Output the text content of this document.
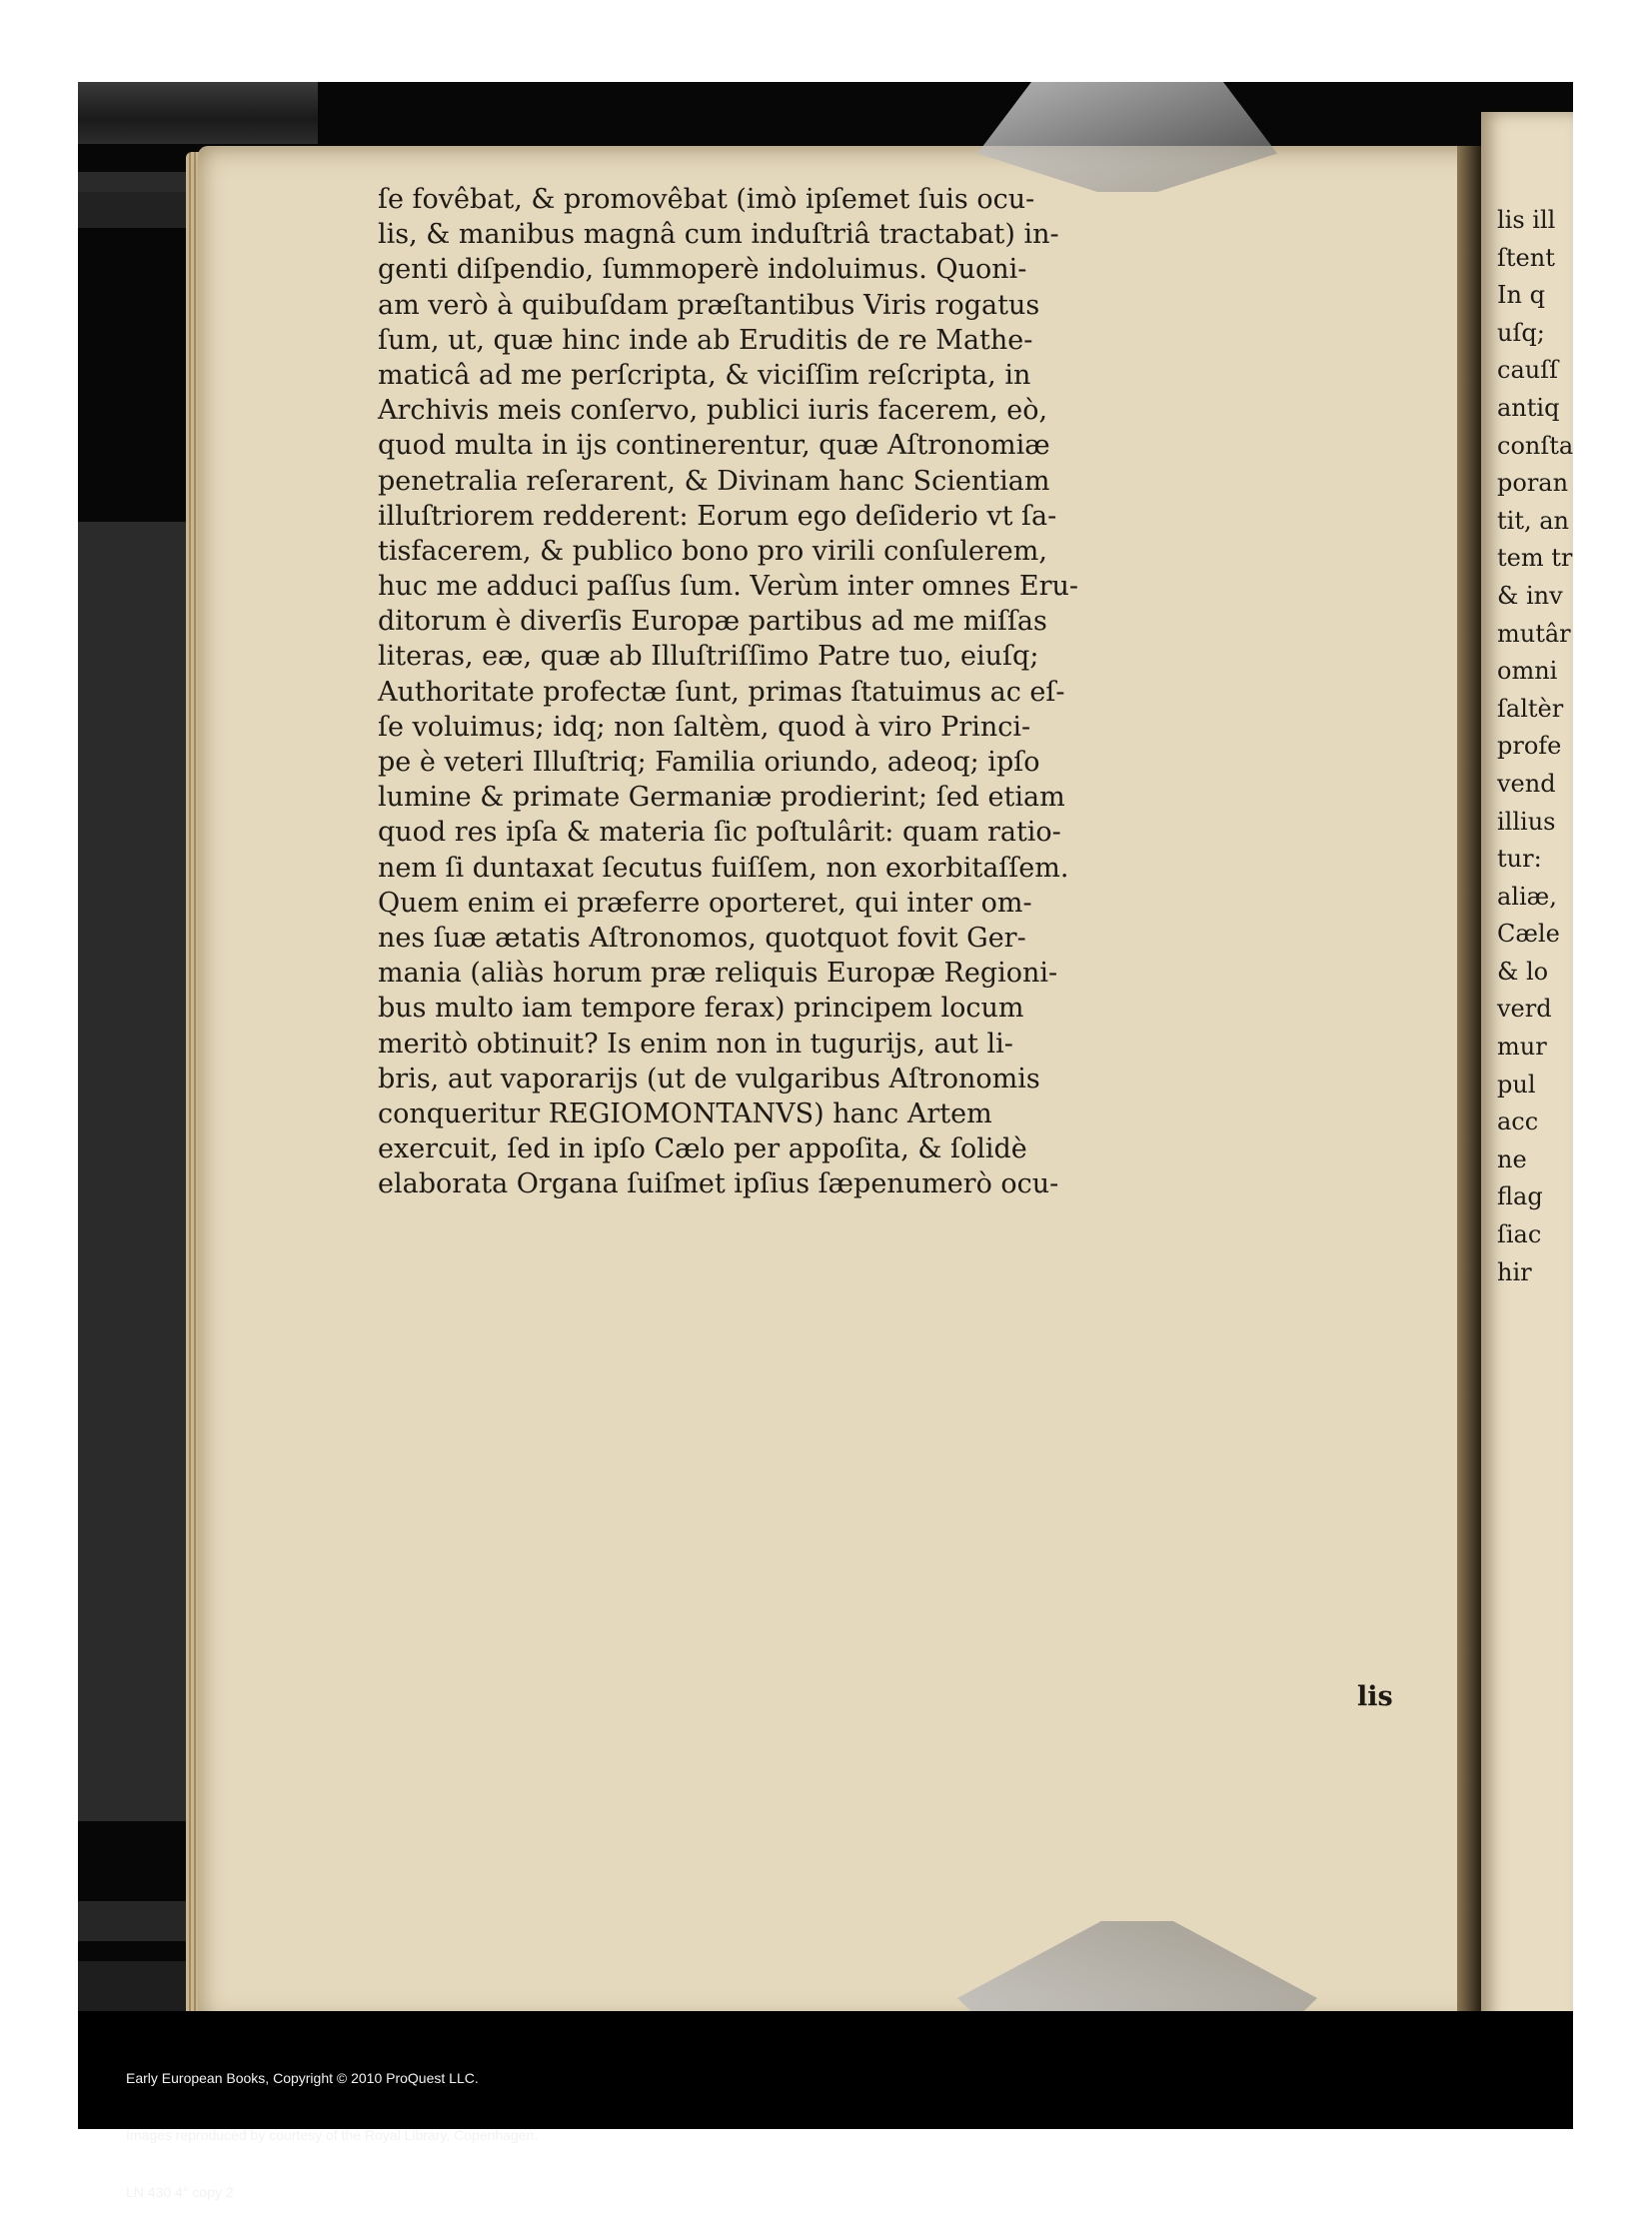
ſe fovêbat, & promovêbat (imò ipſemet ſuis ocu-
lis, & manibus magnâ cum induſtriâ tractabat) in-
genti diſpendio, ſummoperè indoluimus. Quoni-
am verò à quibuſdam præſtantibus Viris rogatus
ſum, ut, quæ hinc inde ab Eruditis de re Mathe-
maticâ ad me perſcripta, & viciſſim reſcripta, in
Archivis meis conſervo, publici iuris facerem, eò,
quod multa in ijs continerentur, quæ Aſtronomiæ
penetralia reſerarent, & Divinam hanc Scientiam
illuſtriorem redderent: Eorum ego deſiderio vt ſa-
tisfacerem, & publico bono pro virili conſulerem,
huc me adduci paſſus ſum. Verùm inter omnes Eru-
ditorum è diverſis Europæ partibus ad me miſſas
literas, eæ, quæ ab Illuſtriſſimo Patre tuo, eiuſq;
Authoritate profectæ ſunt, primas ſtatuimus ac eſ-
ſe voluimus; idq; non ſaltèm, quod à viro Princi-
pe è veteri Illuſtriq; Familia oriundo, adeoq; ipſo
lumine & primate Germaniæ prodierint; ſed etiam
quod res ipſa & materia ſic poſtulârit: quam ratio-
nem ſi duntaxat ſecutus fuiſſem, non exorbitaſſem.
Quem enim ei præferre oporteret, qui inter om-
nes ſuæ ætatis Aſtronomos, quotquot fovit Ger-
mania (aliàs horum præ reliquis Europæ Regioni-
bus multo iam tempore ferax) principem locum
meritò obtinuit? Is enim non in tugurijs, aut li-
bris, aut vaporarijs (ut de vulgaribus Aſtronomis
conqueritur REGIOMONTANVS) hanc Artem
exercuit, ſed in ipſo Cælo per appoſita, & ſolidè
elaborata Organa ſuiſmet ipſius ſæpenumerò ocu-
lis
lis ill
ſtent
In q
uſq;
cauſſ
antiq
conſta
poran
tit, an
tem tr
& inv
mutâr
omni
ſaltèr
profe
vend
illius
tur:
aliæ,
Cæle
& lo
verd
mur
pul
acc
ne
flag
ſiac
hir

Early European Books, Copyright © 2010 ProQuest LLC.

Images reproduced by courtesy of the Royal Library, Copenhagen.

LN 430 4° copy 2
